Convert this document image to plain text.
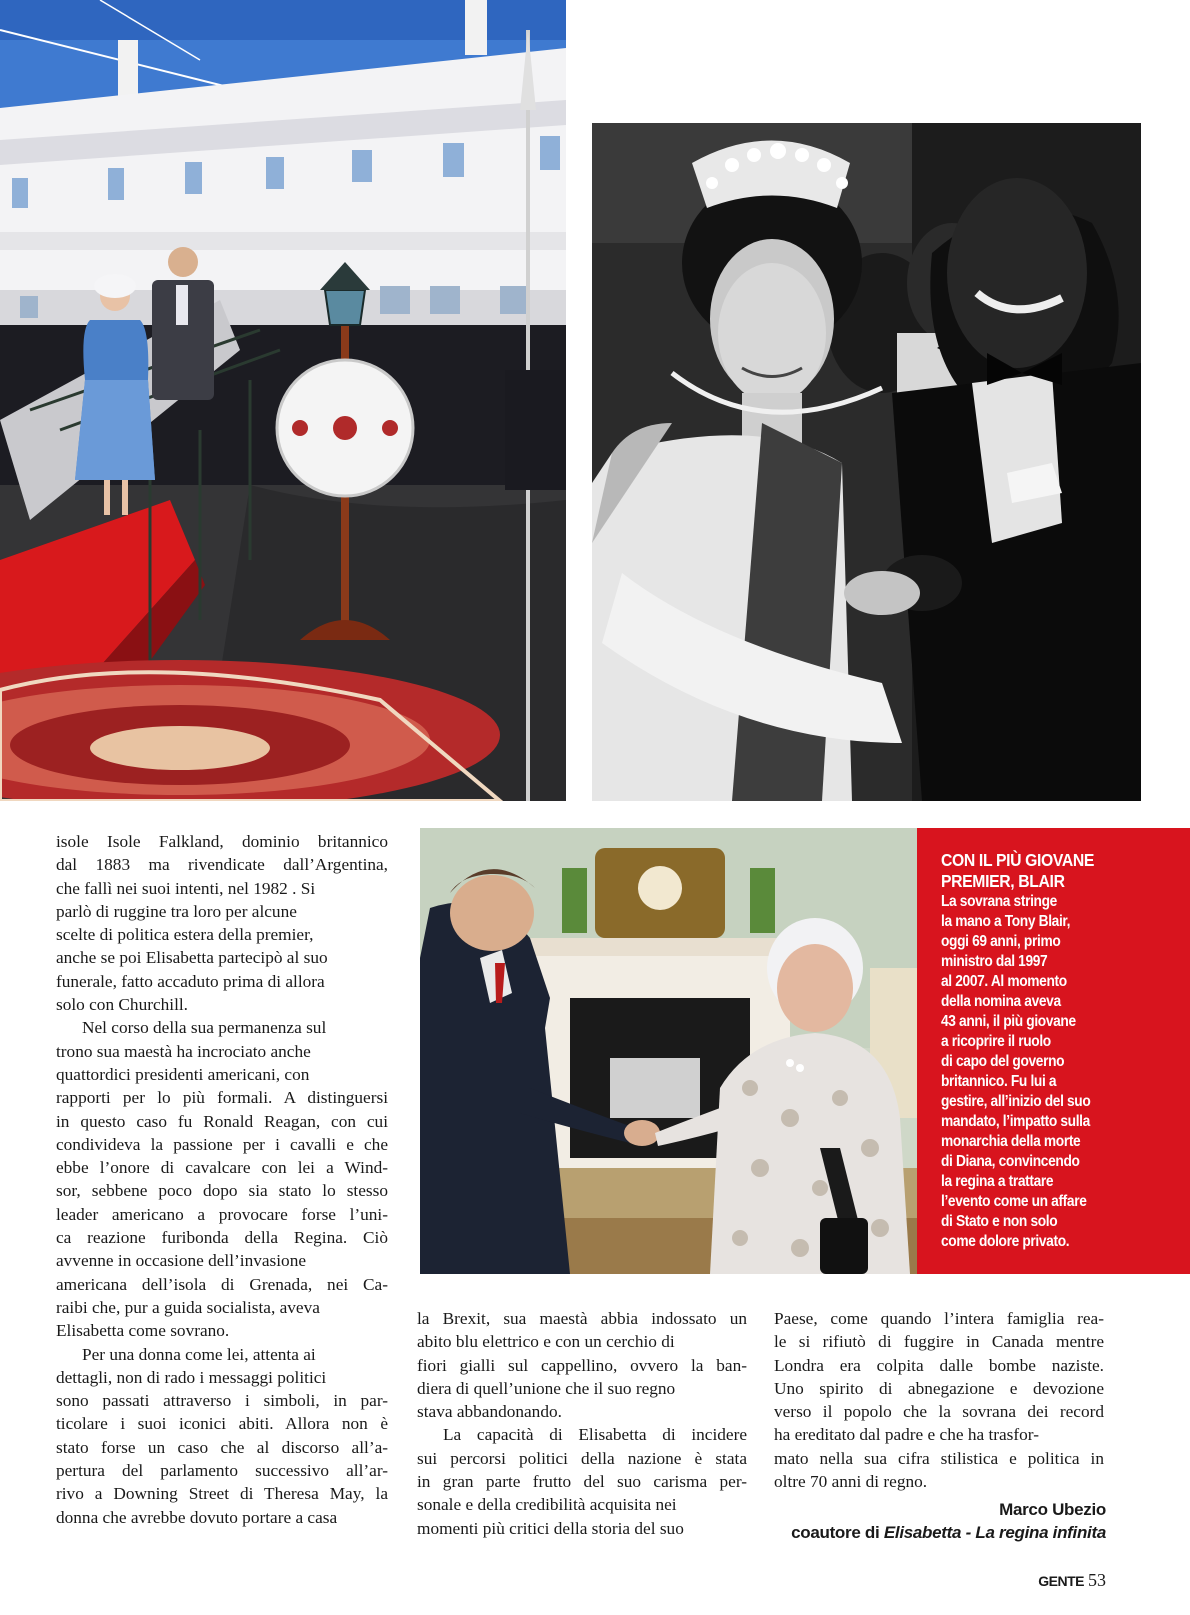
CON IL PIÙ GIOVANE
PREMIER, BLAIR
La sovrana stringe
la mano a Tony Blair,
oggi 69 anni, primo
ministro dal 1997
al 2007. Al momento
della nomina aveva
43 anni, il più giovane
a ricoprire il ruolo
di capo del governo
britannico. Fu lui a
gestire, all’inizio del suo
mandato, l’impatto sulla
monarchia della morte
di Diana, convincendo
la regina a trattare
l’evento come un affare
di Stato e non solo
come dolore privato.
isole Isole Falkland, dominio britannico
dal 1883 ma rivendicate dall’Argentina,
che fallì nei suoi intenti, nel 1982 . Si
parlò di ruggine tra loro per alcune
scelte di politica estera della premier,
anche se poi Elisabetta partecipò al suo
funerale, fatto accaduto prima di allora
solo con Churchill.
Nel corso della sua permanenza sul
trono sua maestà ha incrociato anche
quattordici presidenti americani, con
rapporti per lo più formali. A distinguersi
in questo caso fu Ronald Reagan, con cui
condivideva la passione per i cavalli e che
ebbe l’onore di cavalcare con lei a Wind-
sor, sebbene poco dopo sia stato lo stesso
leader americano a provocare forse l’uni-
ca reazione furibonda della Regina. Ciò
avvenne in occasione dell’invasione
americana dell’isola di Grenada, nei Ca-
raibi che, pur a guida socialista, aveva
Elisabetta come sovrano.
Per una donna come lei, attenta ai
dettagli, non di rado i messaggi politici
sono passati attraverso i simboli, in par-
ticolare i suoi iconici abiti. Allora non è
stato forse un caso che al discorso all’a-
pertura del parlamento successivo all’ar-
rivo a Downing Street di Theresa May, la
donna che avrebbe dovuto portare a casa
la Brexit, sua maestà abbia indossato un
abito blu elettrico e con un cerchio di
fiori gialli sul cappellino, ovvero la ban-
diera di quell’unione che il suo regno
stava abbandonando.
La capacità di Elisabetta di incidere
sui percorsi politici della nazione è stata
in gran parte frutto del suo carisma per-
sonale e della credibilità acquisita nei
momenti più critici della storia del suo
Paese, come quando l’intera famiglia rea-
le si rifiutò di fuggire in Canada mentre
Londra era colpita dalle bombe naziste.
Uno spirito di abnegazione e devozione
verso il popolo che la sovrana dei record
ha ereditato dal padre e che ha trasfor-
mato nella sua cifra stilistica e politica in
oltre 70 anni di regno.
Marco Ubezio
coautore di Elisabetta - La regina infinita
GENTE 53
